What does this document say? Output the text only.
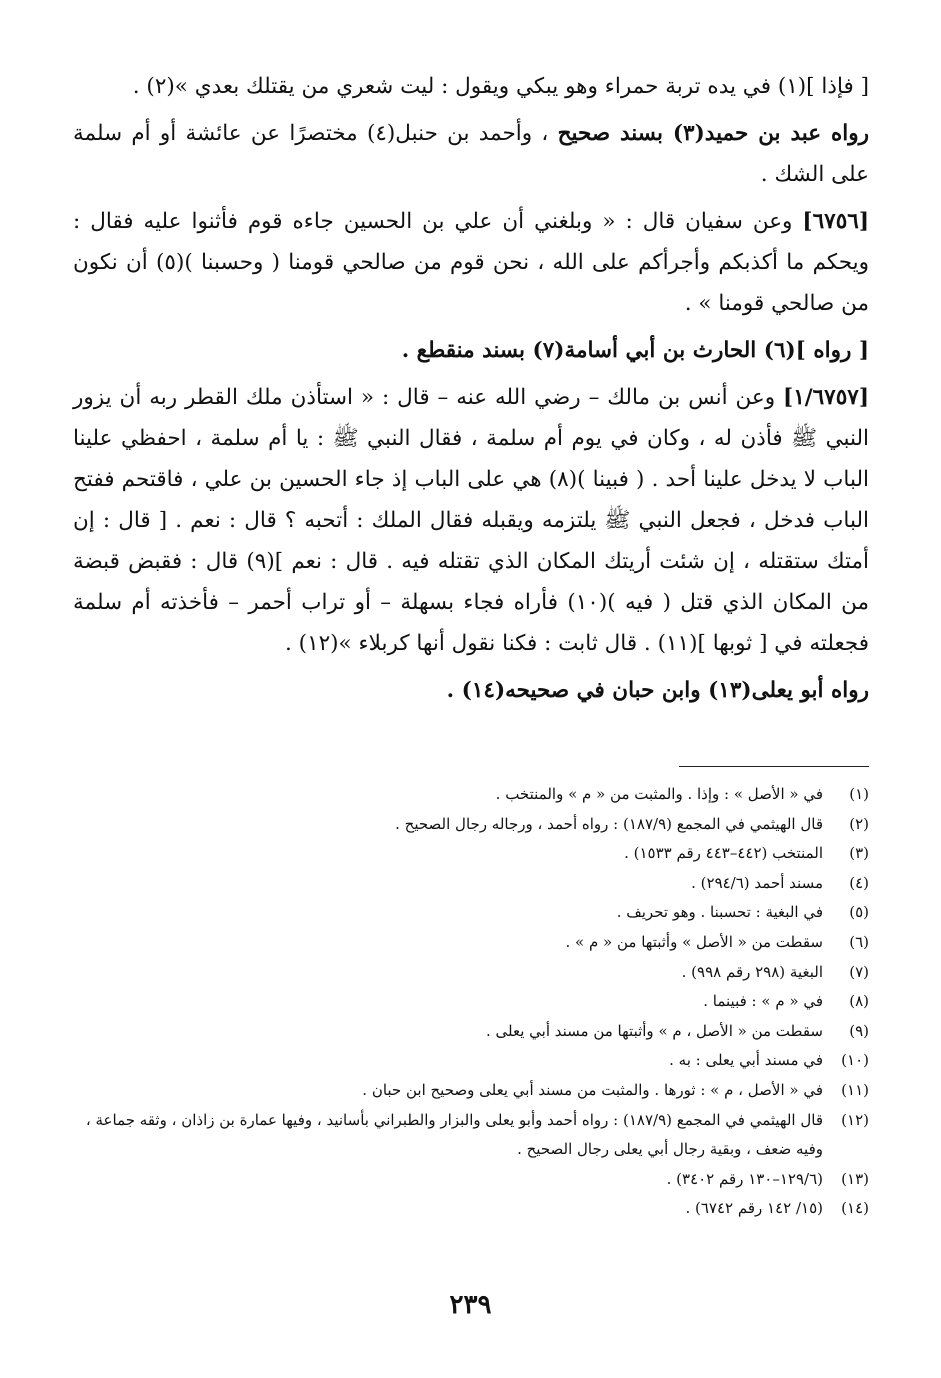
[ فإذا ](١) في يده تربة حمراء وهو يبكي ويقول : ليت شعري من يقتلك بعدي »(٢) .

رواه عبد بن حميد(٣) بسند صحيح ، وأحمد بن حنبل(٤) مختصرًا عن عائشة أو أم سلمة على الشك .

[٦٧٥٦] وعن سفيان قال : « وبلغني أن علي بن الحسين جاءه قوم فأثنوا عليه فقال : ويحكم ما أكذبكم وأجرأكم على الله ، نحن قوم من صالحي قومنا ( وحسبنا )(٥) أن نكون من صالحي قومنا » .

[ رواه ](٦) الحارث بن أبي أسامة(٧) بسند منقطع .

[١/٦٧٥٧] وعن أنس بن مالك – رضي الله عنه – قال : « استأذن ملك القطر ربه أن يزور النبي ﷺ فأذن له ، وكان في يوم أم سلمة ، فقال النبي ﷺ : يا أم سلمة ، احفظي علينا الباب لا يدخل علينا أحد . ( فبينا )(٨) هي على الباب إذ جاء الحسين بن علي ، فاقتحم ففتح الباب فدخل ، فجعل النبي ﷺ يلتزمه ويقبله فقال الملك : أتحبه ؟ قال : نعم . [ قال : إن أمتك ستقتله ، إن شئت أريتك المكان الذي تقتله فيه . قال : نعم ](٩) قال : فقبض قبضة من المكان الذي قتل ( فيه )(١٠) فأراه فجاء بسهلة – أو تراب أحمر – فأخذته أم سلمة فجعلته في [ ثوبها ](١١) . قال ثابت : فكنا نقول أنها كربلاء »(١٢) .

رواه أبو يعلى(١٣) وابن حبان في صحيحه(١٤) .

(١)
في « الأصل » : وإذا . والمثبت من « م » والمنتخب .
(٢)
قال الهيثمي في المجمع (١٨٧/٩) : رواه أحمد ، ورجاله رجال الصحيح .
(٣)
المنتخب (٤٤٢–٤٤٣ رقم ١٥٣٣) .
(٤)
مسند أحمد (٢٩٤/٦) .
(٥)
في البغية : تحسبنا . وهو تحريف .
(٦)
سقطت من « الأصل » وأثبتها من « م » .
(٧)
البغية (٢٩٨ رقم ٩٩٨) .
(٨)
في « م » : فبينما .
(٩)
سقطت من « الأصل ، م » وأثبتها من مسند أبي يعلى .
(١٠)
في مسند أبي يعلى : به .
(١١)
في « الأصل ، م » : ثورها . والمثبت من مسند أبي يعلى وصحيح ابن حبان .
(١٢)
قال الهيثمي في المجمع (١٨٧/٩) : رواه أحمد وأبو يعلى والبزار والطبراني بأسانيد ، وفيها عمارة بن زاذان ، وثقه جماعة ، وفيه ضعف ، وبقية رجال أبي يعلى رجال الصحيح .
(١٣)
(١٢٩/٦–١٣٠ رقم ٣٤٠٢) .
(١٤)
(١٥/ ١٤٢ رقم ٦٧٤٢) .
٢٣٩
